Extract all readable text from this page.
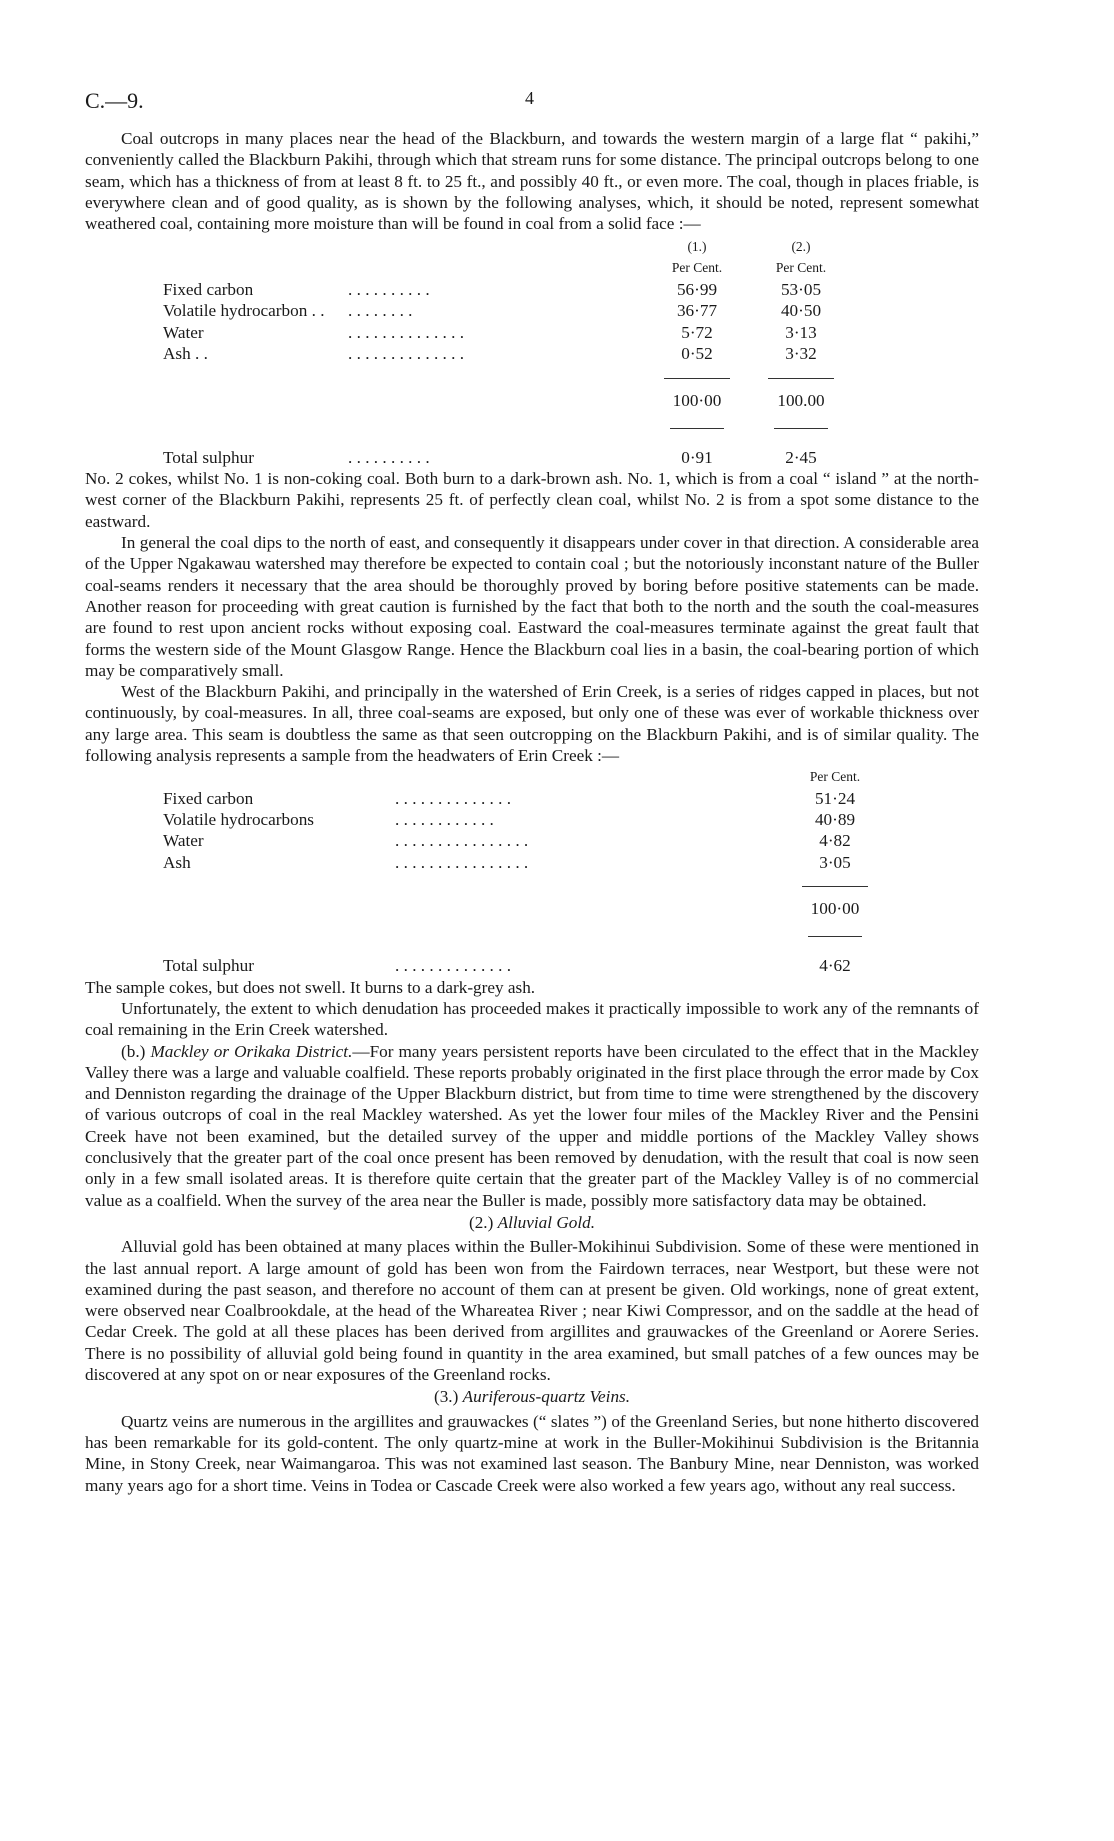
C.—9.	4

Coal outcrops in many places near the head of the Blackburn, and towards the western margin of a large flat “ pakihi,” conveniently called the Blackburn Pakihi, through which that stream runs for some distance. The principal outcrops belong to one seam, which has a thickness of from at least 8 ft. to 25 ft., and possibly 40 ft., or even more. The coal, though in places friable, is everywhere clean and of good quality, as is shown by the following analyses, which, it should be noted, represent somewhat weathered coal, containing more moisture than will be found in coal from a solid face :—

		(1.)	(2.)
		Per Cent.	Per Cent.
Fixed carbon	. . . . . . . . . .	56·99	53·05
Volatile hydrocarbon . .	. . . . . . . .	36·77	40·50
Water	. . . . . . . . . . . . . .	5·72	3·13
Ash . .	. . . . . . . . . . . . . .	0·52	3·32

		100·00	100.00

Total sulphur	. . . . . . . . . .	0·91	2·45

No. 2 cokes, whilst No. 1 is non-coking coal. Both burn to a dark-brown ash. No. 1, which is from a coal “ island ” at the north-west corner of the Blackburn Pakihi, represents 25 ft. of perfectly clean coal, whilst No. 2 is from a spot some distance to the eastward.

In general the coal dips to the north of east, and consequently it disappears under cover in that direction. A considerable area of the Upper Ngakawau watershed may therefore be expected to contain coal ; but the notoriously inconstant nature of the Buller coal-seams renders it necessary that the area should be thoroughly proved by boring before positive statements can be made. Another reason for proceeding with great caution is furnished by the fact that both to the north and the south the coal-measures are found to rest upon ancient rocks without exposing coal. Eastward the coal-measures terminate against the great fault that forms the western side of the Mount Glasgow Range. Hence the Blackburn coal lies in a basin, the coal-bearing portion of which may be comparatively small.

West of the Blackburn Pakihi, and principally in the watershed of Erin Creek, is a series of ridges capped in places, but not continuously, by coal-measures. In all, three coal-seams are exposed, but only one of these was ever of workable thickness over any large area. This seam is doubtless the same as that seen outcropping on the Blackburn Pakihi, and is of similar quality. The following analysis represents a sample from the headwaters of Erin Creek :—

		Per Cent.
Fixed carbon	. . . . . . . . . . . . . .	51·24
Volatile hydrocarbons	. . . . . . . . . . . .	40·89
Water	. . . . . . . . . . . . . . . .	4·82
Ash	. . . . . . . . . . . . . . . .	3·05

		100·00

Total sulphur	. . . . . . . . . . . . . .	4·62

The sample cokes, but does not swell. It burns to a dark-grey ash.

Unfortunately, the extent to which denudation has proceeded makes it practically impossible to work any of the remnants of coal remaining in the Erin Creek watershed.

(b.) Mackley or Orikaka District.—For many years persistent reports have been circulated to the effect that in the Mackley Valley there was a large and valuable coalfield. These reports probably originated in the first place through the error made by Cox and Denniston regarding the drainage of the Upper Blackburn district, but from time to time were strengthened by the discovery of various outcrops of coal in the real Mackley watershed. As yet the lower four miles of the Mackley River and the Pensini Creek have not been examined, but the detailed survey of the upper and middle portions of the Mackley Valley shows conclusively that the greater part of the coal once present has been removed by denudation, with the result that coal is now seen only in a few small isolated areas. It is therefore quite certain that the greater part of the Mackley Valley is of no commercial value as a coalfield. When the survey of the area near the Buller is made, possibly more satisfactory data may be obtained.

(2.) Alluvial Gold.

Alluvial gold has been obtained at many places within the Buller-Mokihinui Subdivision. Some of these were mentioned in the last annual report. A large amount of gold has been won from the Fairdown terraces, near Westport, but these were not examined during the past season, and therefore no account of them can at present be given. Old workings, none of great extent, were observed near Coalbrookdale, at the head of the Whareatea River ; near Kiwi Compressor, and on the saddle at the head of Cedar Creek. The gold at all these places has been derived from argillites and grauwackes of the Greenland or Aorere Series. There is no possibility of alluvial gold being found in quantity in the area examined, but small patches of a few ounces may be discovered at any spot on or near exposures of the Greenland rocks.

(3.) Auriferous-quartz Veins.

Quartz veins are numerous in the argillites and grauwackes (“ slates ”) of the Greenland Series, but none hitherto discovered has been remarkable for its gold-content. The only quartz-mine at work in the Buller-Mokihinui Subdivision is the Britannia Mine, in Stony Creek, near Waimangaroa. This was not examined last season. The Banbury Mine, near Denniston, was worked many years ago for a short time. Veins in Todea or Cascade Creek were also worked a few years ago, without any real success.
